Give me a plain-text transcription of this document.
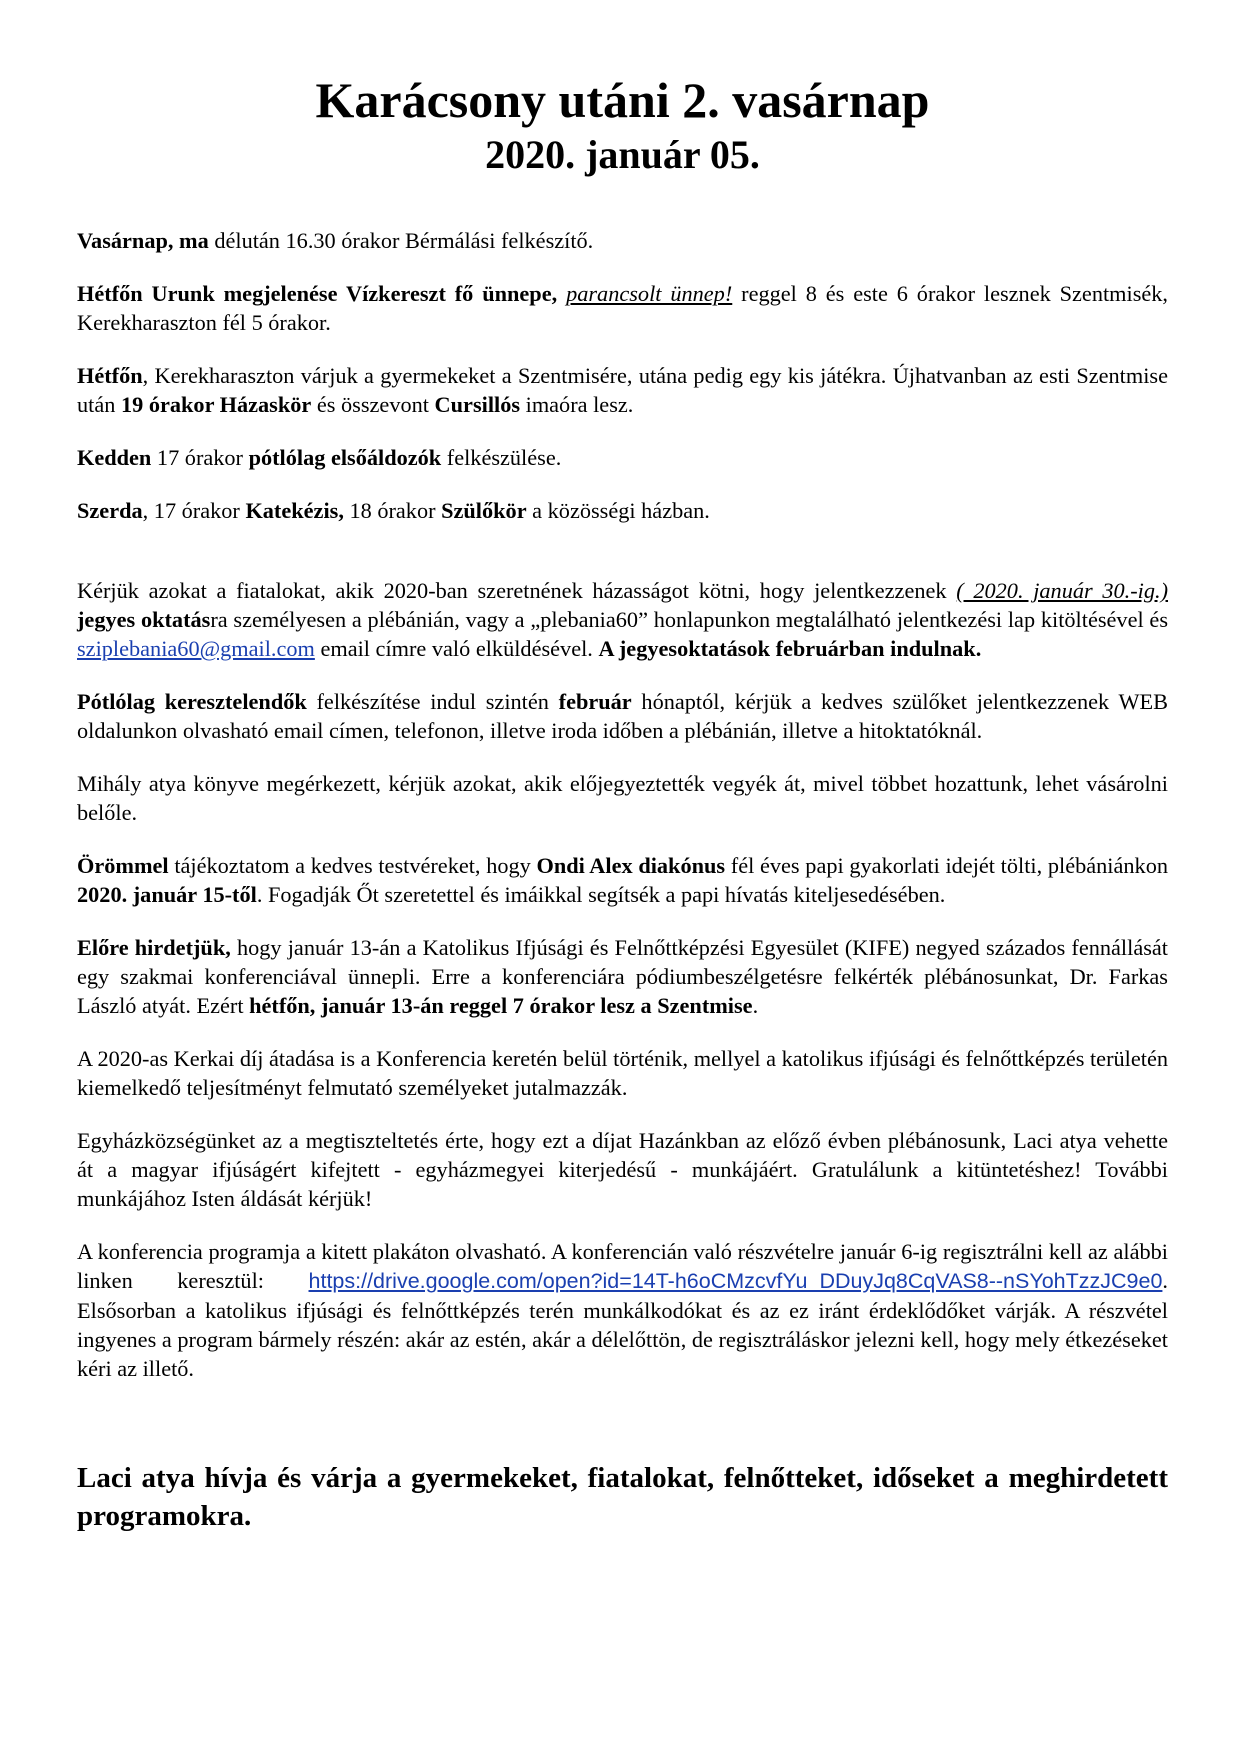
Karácsony utáni 2. vasárnap
2020. január 05.

Vasárnap, ma délután 16.30 órakor Bérmálási felkészítő.

Hétfőn Urunk megjelenése Vízkereszt fő ünnepe, parancsolt ünnep! reggel 8 és este 6 órakor lesznek Szentmisék, Kerekharaszton fél 5 órakor.

Hétfőn, Kerekharaszton várjuk a gyermekeket a Szentmisére, utána pedig egy kis játékra. Újhatvanban az esti Szentmise után 19 órakor Házaskör és összevont Cursillós imaóra lesz.

Kedden 17 órakor pótlólag elsőáldozók felkészülése.

Szerda, 17 órakor Katekézis, 18 órakor Szülőkör a közösségi házban.

Kérjük azokat a fiatalokat, akik 2020-ban szeretnének házasságot kötni, hogy jelentkezzenek ( 2020. január 30.-ig.) jegyes oktatásra személyesen a plébánián, vagy a „plebania60” honlapunkon megtalálható jelentkezési lap kitöltésével és sziplebania60@gmail.com email címre való elküldésével. A jegyesoktatások februárban indulnak.

Pótlólag keresztelendők felkészítése indul szintén február hónaptól, kérjük a kedves szülőket jelentkezzenek WEB oldalunkon olvasható email címen, telefonon, illetve iroda időben a plébánián, illetve a hitoktatóknál.

Mihály atya könyve megérkezett, kérjük azokat, akik előjegyeztették vegyék át, mivel többet hozattunk, lehet vásárolni belőle.

Örömmel tájékoztatom a kedves testvéreket, hogy Ondi Alex diakónus fél éves papi gyakorlati idejét tölti, plébániánkon 2020. január 15-től. Fogadják Őt szeretettel és imáikkal segítsék a papi hívatás kiteljesedésében.

Előre hirdetjük, hogy január 13-án a Katolikus Ifjúsági és Felnőttképzési Egyesület (KIFE) negyed százados fennállását egy szakmai konferenciával ünnepli. Erre a konferenciára pódiumbeszélgetésre felkérték plébánosunkat, Dr. Farkas László atyát. Ezért hétfőn, január 13-án reggel 7 órakor lesz a Szentmise.

A 2020-as Kerkai díj átadása is a Konferencia keretén belül történik, mellyel a katolikus ifjúsági és felnőttképzés területén kiemelkedő teljesítményt felmutató személyeket jutalmazzák.

Egyházközségünket az a megtiszteltetés érte, hogy ezt a díjat Hazánkban az előző évben plébánosunk, Laci atya vehette át a magyar ifjúságért kifejtett - egyházmegyei kiterjedésű - munkájáért. Gratulálunk a kitüntetéshez! További munkájához Isten áldását kérjük!

A konferencia programja a kitett plakáton olvasható. A konferencián való részvételre január 6-ig regisztrálni kell az alábbi linken keresztül: https://drive.google.com/open?id=14T-h6oCMzcvfYu_DDuyJq8CqVAS8--nSYohTzzJC9e0. Elsősorban a katolikus ifjúsági és felnőttképzés terén munkálkodókat és az ez iránt érdeklődőket várják. A részvétel ingyenes a program bármely részén: akár az estén, akár a délelőttön, de regisztráláskor jelezni kell, hogy mely étkezéseket kéri az illető.

Laci atya hívja és várja a gyermekeket, fiatalokat, felnőtteket, időseket a meghirdetett programokra.
